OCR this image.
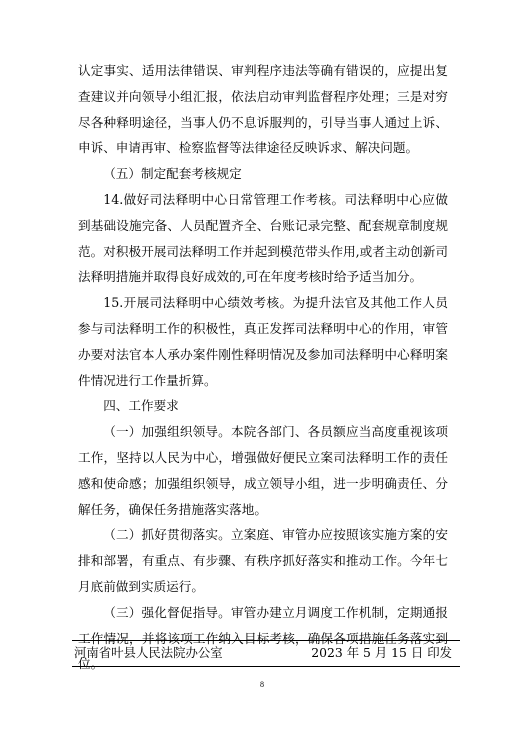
认定事实、适用法律错误、审判程序违法等确有错误的，应提出复查建议并向领导小组汇报，依法启动审判监督程序处理；三是对穷尽各种释明途径，当事人仍不息诉服判的，引导当事人通过上诉、申诉、申请再审、检察监督等法律途径反映诉求、解决问题。

（五）制定配套考核规定

14.做好司法释明中心日常管理工作考核。司法释明中心应做到基础设施完备、人员配置齐全、台账记录完整、配套规章制度规范。对积极开展司法释明工作并起到模范带头作用,或者主动创新司法释明措施并取得良好成效的,可在年度考核时给予适当加分。

15.开展司法释明中心绩效考核。为提升法官及其他工作人员参与司法释明工作的积极性，真正发挥司法释明中心的作用，审管办要对法官本人承办案件刚性释明情况及参加司法释明中心释明案件情况进行工作量折算。

四、工作要求

（一）加强组织领导。本院各部门、各员额应当高度重视该项工作，坚持以人民为中心，增强做好便民立案司法释明工作的责任感和使命感；加强组织领导，成立领导小组，进一步明确责任、分解任务，确保任务措施落实落地。

（二）抓好贯彻落实。立案庭、审管办应按照该实施方案的安排和部署，有重点、有步骤、有秩序抓好落实和推动工作。今年七月底前做到实质运行。

（三）强化督促指导。审管办建立月调度工作机制，定期通报工作情况，并将该项工作纳入目标考核，确保各项措施任务落实到位。

河南省叶县人民法院办公室	2023 年 5 月 15 日 印发
8
